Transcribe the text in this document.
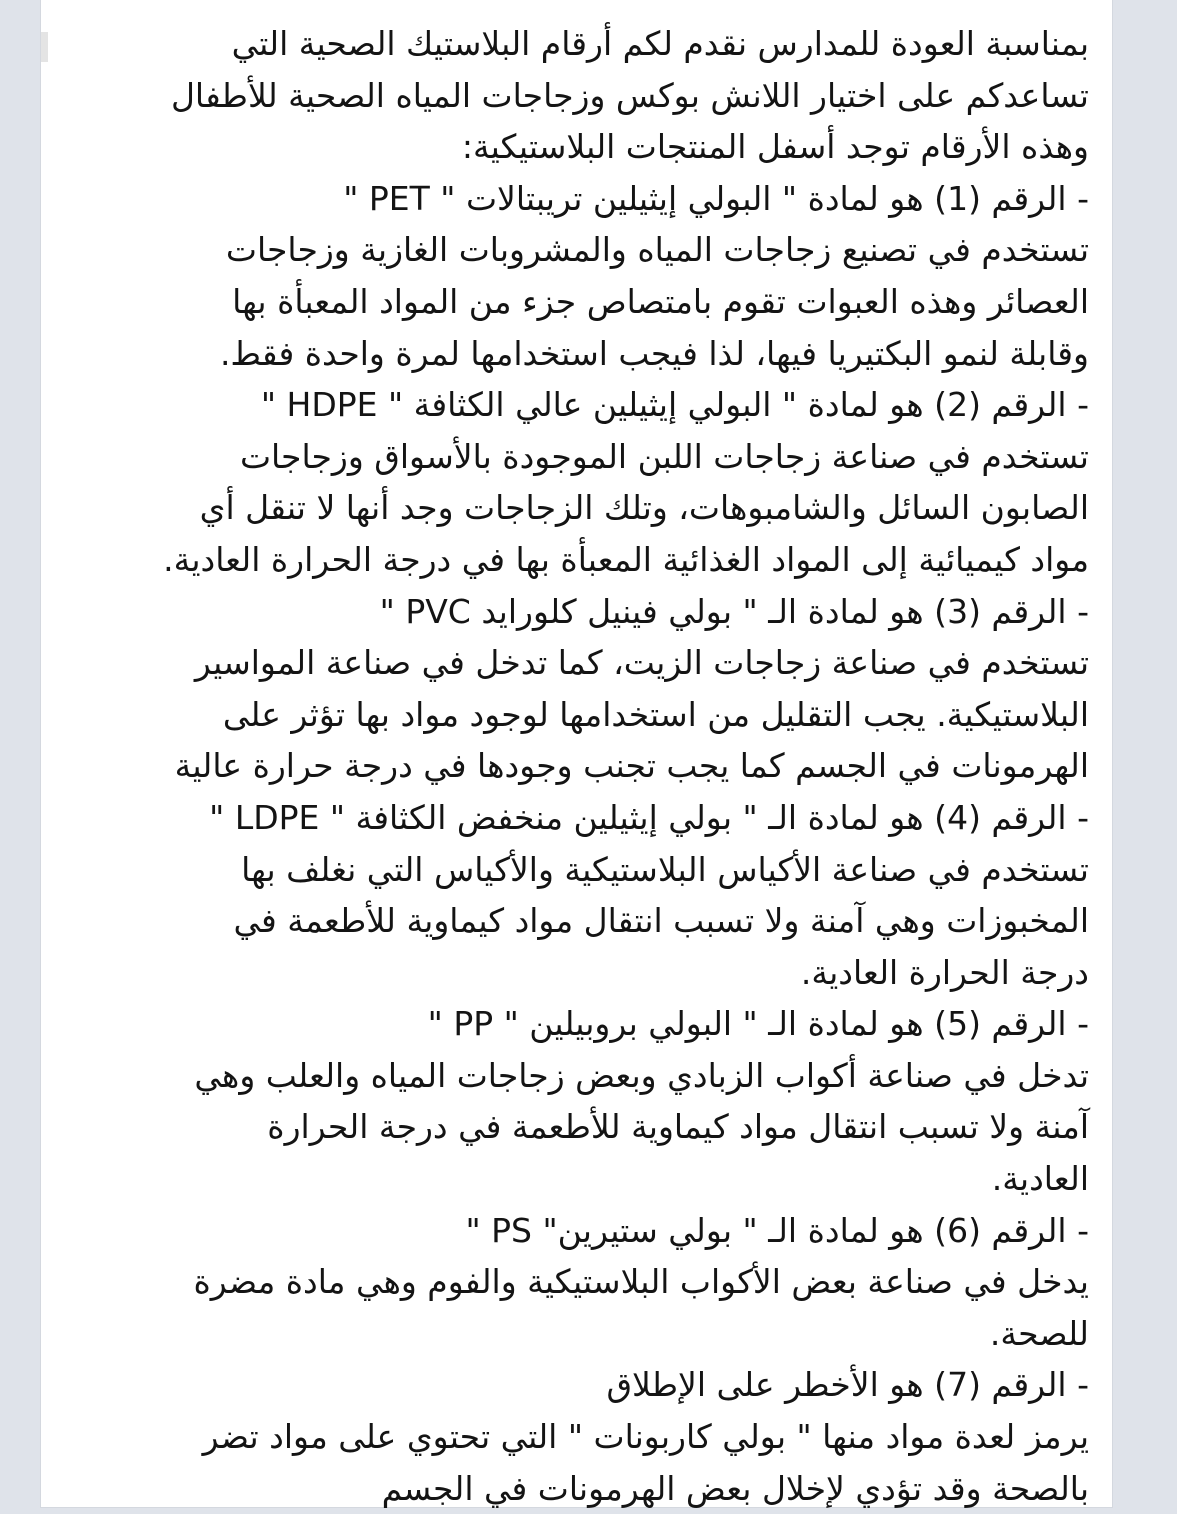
بمناسبة العودة للمدارس نقدم لكم أرقام البلاستيك الصحية التي
تساعدكم على اختيار اللانش بوكس وزجاجات المياه الصحية للأطفال
وهذه الأرقام توجد أسفل المنتجات البلاستيكية:
- الرقم (1) هو لمادة " البولي إيثيلين تريبتالات " PET "
تستخدم في تصنيع زجاجات المياه والمشروبات الغازية وزجاجات
العصائر وهذه العبوات تقوم بامتصاص جزء من المواد المعبأة بها
وقابلة لنمو البكتيريا فيها، لذا فيجب استخدامها لمرة واحدة فقط.
- الرقم (2) هو لمادة " البولي إيثيلين عالي الكثافة " HDPE "
تستخدم في صناعة زجاجات اللبن الموجودة بالأسواق وزجاجات
الصابون السائل والشامبوهات، وتلك الزجاجات وجد أنها لا تنقل أي
مواد كيميائية إلى المواد الغذائية المعبأة بها في درجة الحرارة العادية.
- الرقم (3) هو لمادة الـ " بولي فينيل كلورايد PVC "
تستخدم في صناعة زجاجات الزيت، كما تدخل في صناعة المواسير
البلاستيكية. يجب التقليل من استخدامها لوجود مواد بها تؤثر على
الهرمونات في الجسم كما يجب تجنب وجودها في درجة حرارة عالية
- الرقم (4) هو لمادة الـ " بولي إيثيلين منخفض الكثافة " LDPE "
تستخدم في صناعة الأكياس البلاستيكية والأكياس التي نغلف بها
المخبوزات وهي آمنة ولا تسبب انتقال مواد كيماوية للأطعمة في
درجة الحرارة العادية.
- الرقم (5) هو لمادة الـ " البولي بروبيلين " PP "
تدخل في صناعة أكواب الزبادي وبعض زجاجات المياه والعلب وهي
آمنة ولا تسبب انتقال مواد كيماوية للأطعمة في درجة الحرارة
العادية.
- الرقم (6) هو لمادة الـ " بولي ستيرين" PS "
يدخل في صناعة بعض الأكواب البلاستيكية والفوم وهي مادة مضرة
للصحة.
- الرقم (7) هو الأخطر على الإطلاق
يرمز لعدة مواد منها " بولي كاربونات " التي تحتوي على مواد تضر
بالصحة وقد تؤدي لإخلال بعض الهرمونات في الجسم
